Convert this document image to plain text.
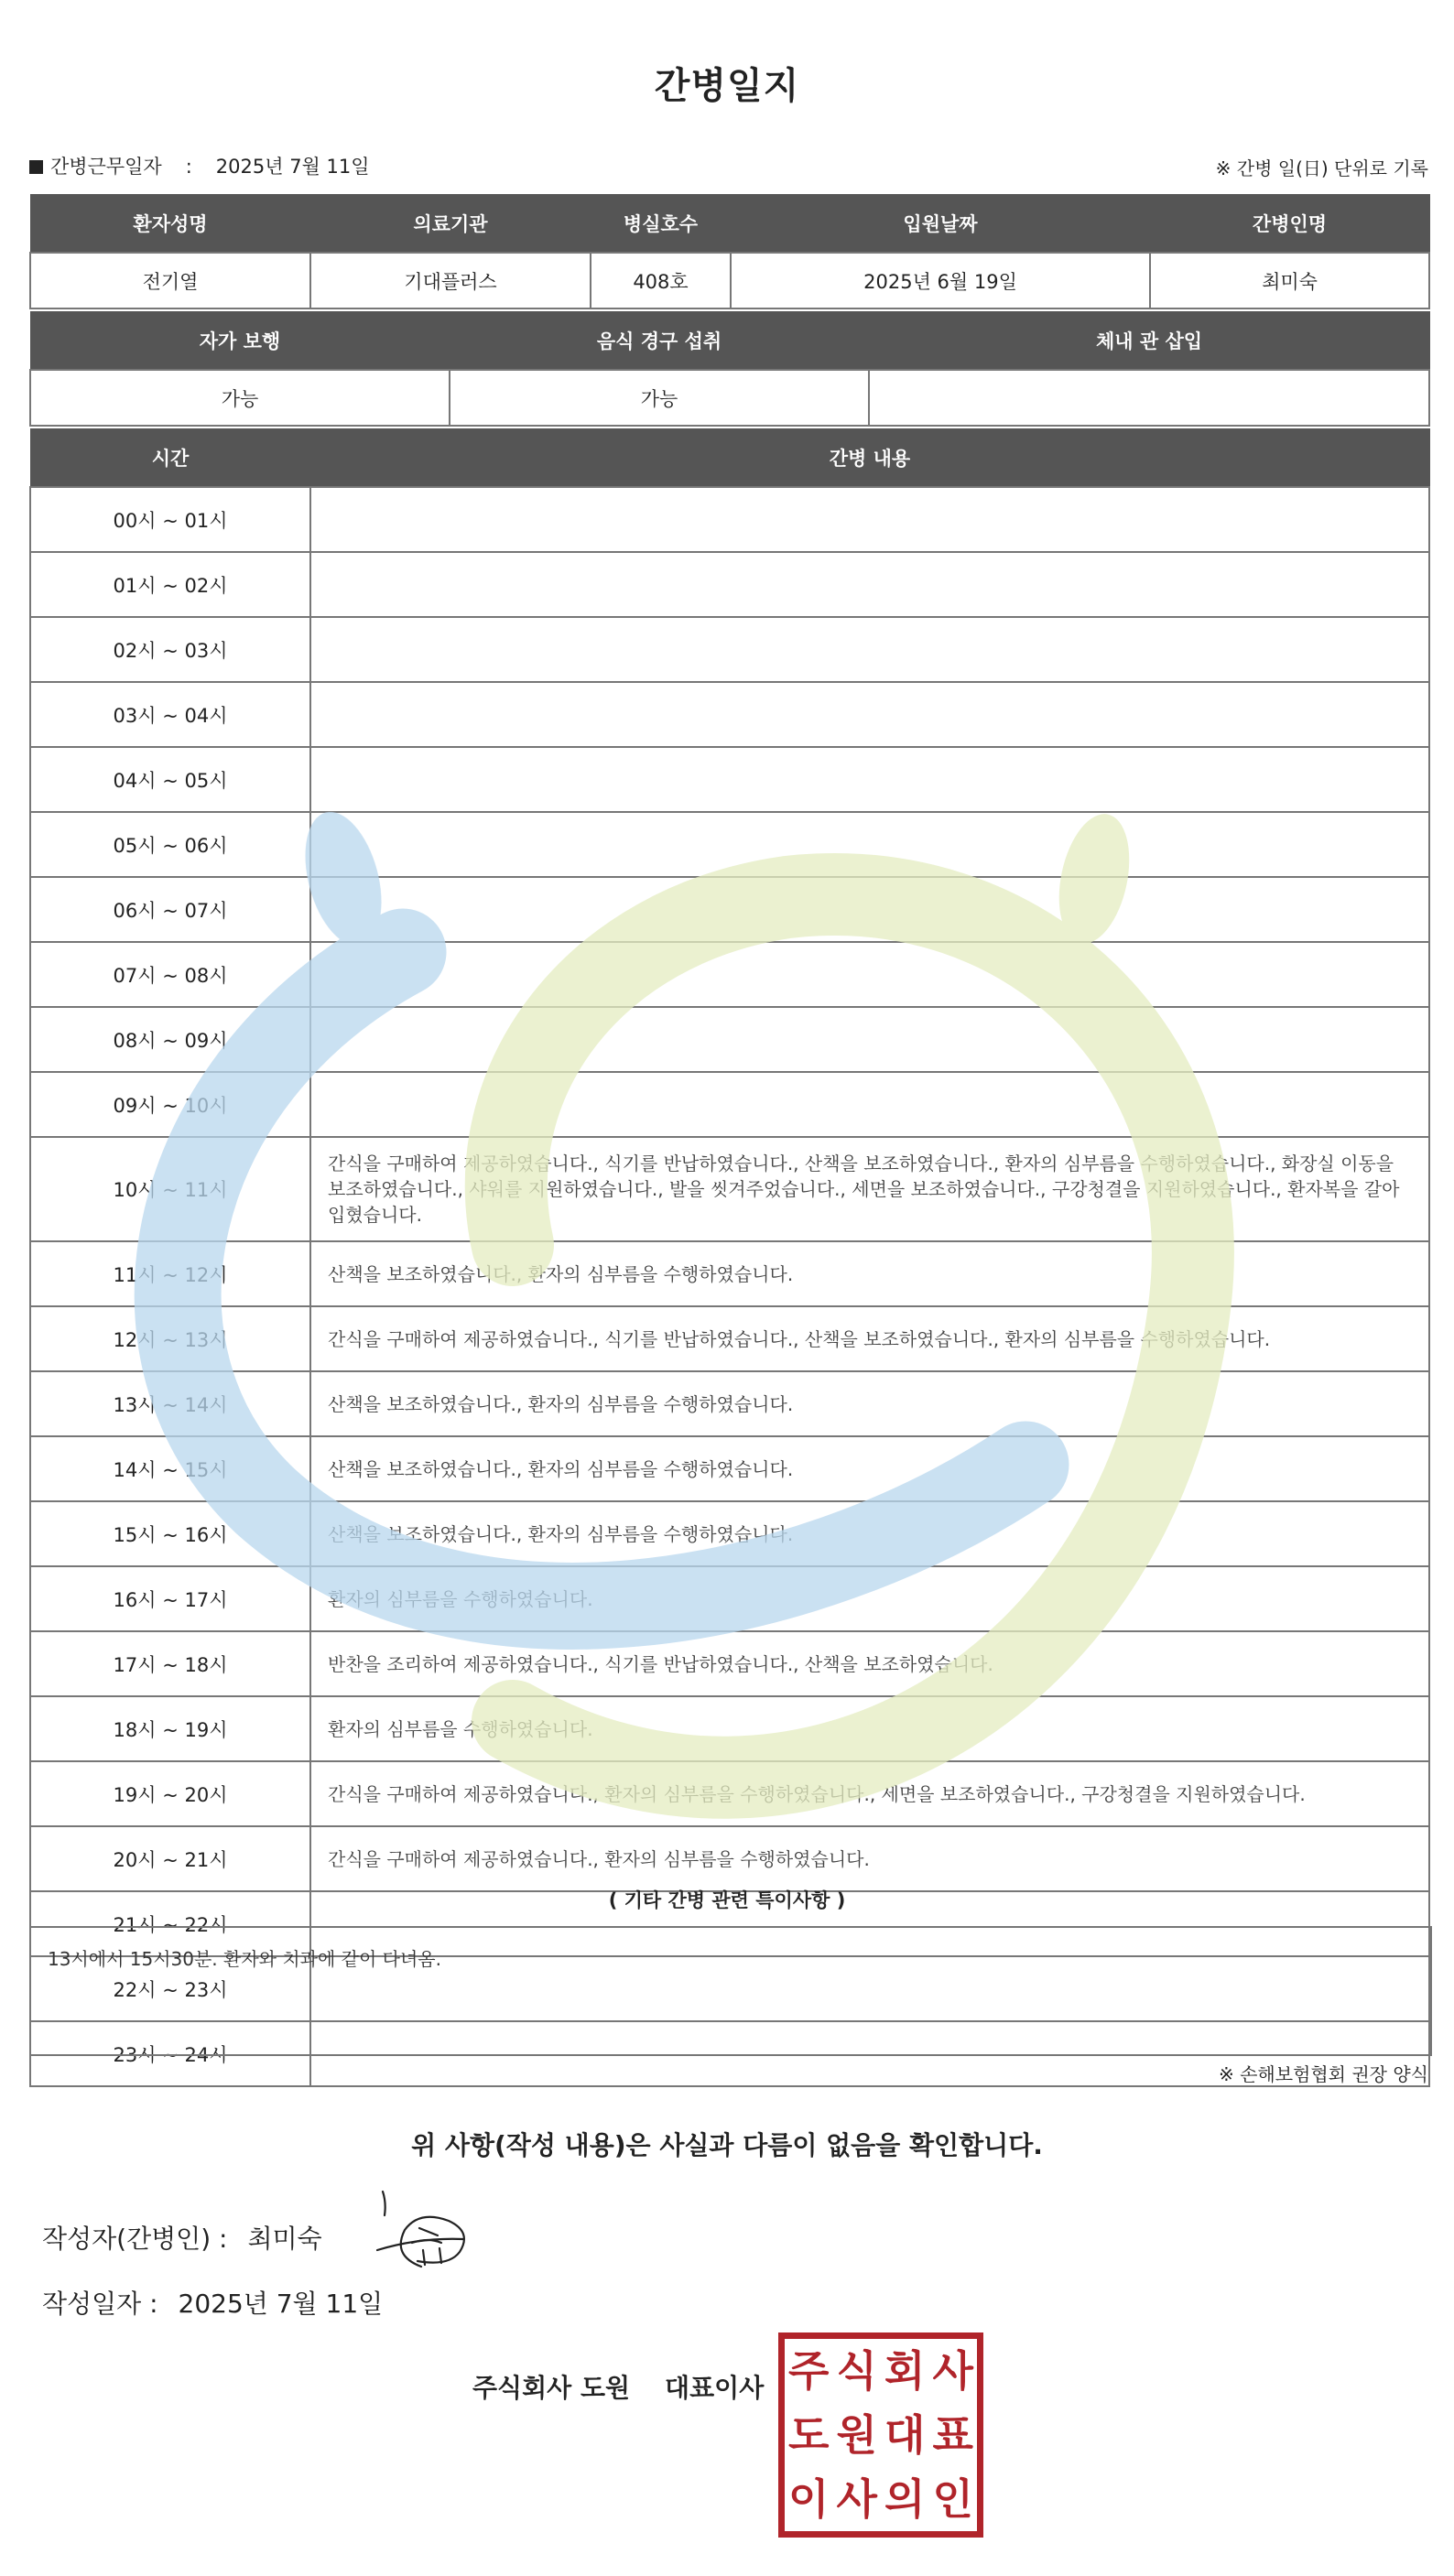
간병일지
간병근무일자 : 2025년 7월 11일	※ 간병 일(日) 단위로 기록
환자성명	의료기관	병실호수	입원날짜	간병인명
전기열	기대플러스	408호	2025년 6월 19일	최미숙
자가 보행	음식 경구 섭취	체내 관 삽입
가능	가능	
시간	간병 내용
00시 ~ 01시	
01시 ~ 02시	
02시 ~ 03시	
03시 ~ 04시	
04시 ~ 05시	
05시 ~ 06시	
06시 ~ 07시	
07시 ~ 08시	
08시 ~ 09시	
09시 ~ 10시	
10시 ~ 11시	간식을 구매하여 제공하였습니다., 식기를 반납하였습니다., 산책을 보조하였습니다., 환자의 심부름을 수행하였습니다., 화장실 이동을 보조하였습니다., 샤워를 지원하였습니다., 발을 씻겨주었습니다., 세면을 보조하였습니다., 구강청결을 지원하였습니다., 환자복을 갈아입혔습니다.
11시 ~ 12시	산책을 보조하였습니다., 환자의 심부름을 수행하였습니다.
12시 ~ 13시	간식을 구매하여 제공하였습니다., 식기를 반납하였습니다., 산책을 보조하였습니다., 환자의 심부름을 수행하였습니다.
13시 ~ 14시	산책을 보조하였습니다., 환자의 심부름을 수행하였습니다.
14시 ~ 15시	산책을 보조하였습니다., 환자의 심부름을 수행하였습니다.
15시 ~ 16시	산책을 보조하였습니다., 환자의 심부름을 수행하였습니다.
16시 ~ 17시	환자의 심부름을 수행하였습니다.
17시 ~ 18시	반찬을 조리하여 제공하였습니다., 식기를 반납하였습니다., 산책을 보조하였습니다.
18시 ~ 19시	환자의 심부름을 수행하였습니다.
19시 ~ 20시	간식을 구매하여 제공하였습니다., 환자의 심부름을 수행하였습니다., 세면을 보조하였습니다., 구강청결을 지원하였습니다.
20시 ~ 21시	간식을 구매하여 제공하였습니다., 환자의 심부름을 수행하였습니다.
21시 ~ 22시	
22시 ~ 23시	
23시 ~ 24시	
( 기타 간병 관련 특이사항 )
13시에서 15시30분. 환자와 치과에 같이 다녀옴.
※ 손해보험협회 권장 양식
위 사항(작성 내용)은 사실과 다름이 없음을 확인합니다.
작성자(간병인) : 최미숙
작성일자 : 2025년 7월 11일
주식회사 도원 대표이사 주 식 회 사
도 원 대 표
이 사 의 인
